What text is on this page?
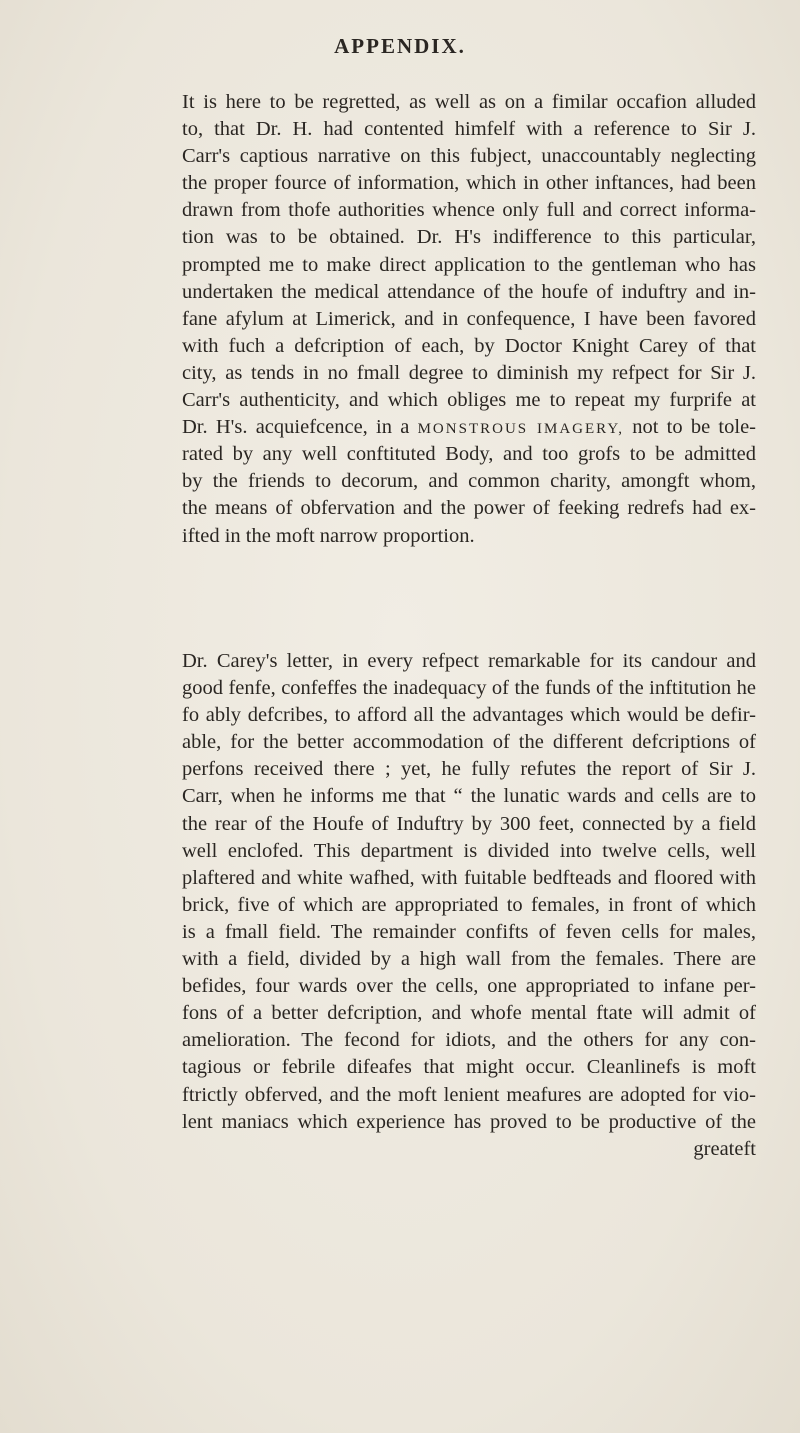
APPENDIX.
It is here to be regretted, as well as on a fimilar occafion alluded
to, that Dr. H. had contented himfelf with a reference to Sir J.
Carr's captious narrative on this fubject, unaccountably neglecting
the proper fource of information, which in other inftances, had been
drawn from thofe authorities whence only full and correct informa-
tion was to be obtained. Dr. H's indifference to this particular,
prompted me to make direct application to the gentleman who has
undertaken the medical attendance of the houfe of induftry and in-
fane afylum at Limerick, and in confequence, I have been favored
with fuch a defcription of each, by Doctor Knight Carey of that
city, as tends in no fmall degree to diminish my refpect for Sir J.
Carr's authenticity, and which obliges me to repeat my furprife at
Dr. H's. acquiefcence, in a MONSTROUS IMAGERY, not to be tole-
rated by any well conftituted Body, and too grofs to be admitted
by the friends to decorum, and common charity, amongft whom,
the means of obfervation and the power of feeking redrefs had ex-
ifted in the moft narrow proportion.
Dr. Carey's letter, in every refpect remarkable for its candour and
good fenfe, confeffes the inadequacy of the funds of the inftitution he
fo ably defcribes, to afford all the advantages which would be defir-
able, for the better accommodation of the different defcriptions of
perfons received there ; yet, he fully refutes the report of Sir J.
Carr, when he informs me that “ the lunatic wards and cells are to
the rear of the Houfe of Induftry by 300 feet, connected by a field
well enclofed. This department is divided into twelve cells, well
plaftered and white wafhed, with fuitable bedfteads and floored with
brick, five of which are appropriated to females, in front of which
is a fmall field. The remainder confifts of feven cells for males,
with a field, divided by a high wall from the females. There are
befides, four wards over the cells, one appropriated to infane per-
fons of a better defcription, and whofe mental ftate will admit of
amelioration. The fecond for idiots, and the others for any con-
tagious or febrile difeafes that might occur. Cleanlinefs is moft
ftrictly obferved, and the moft lenient meafures are adopted for vio-
lent maniacs which experience has proved to be productive of the
greateft
